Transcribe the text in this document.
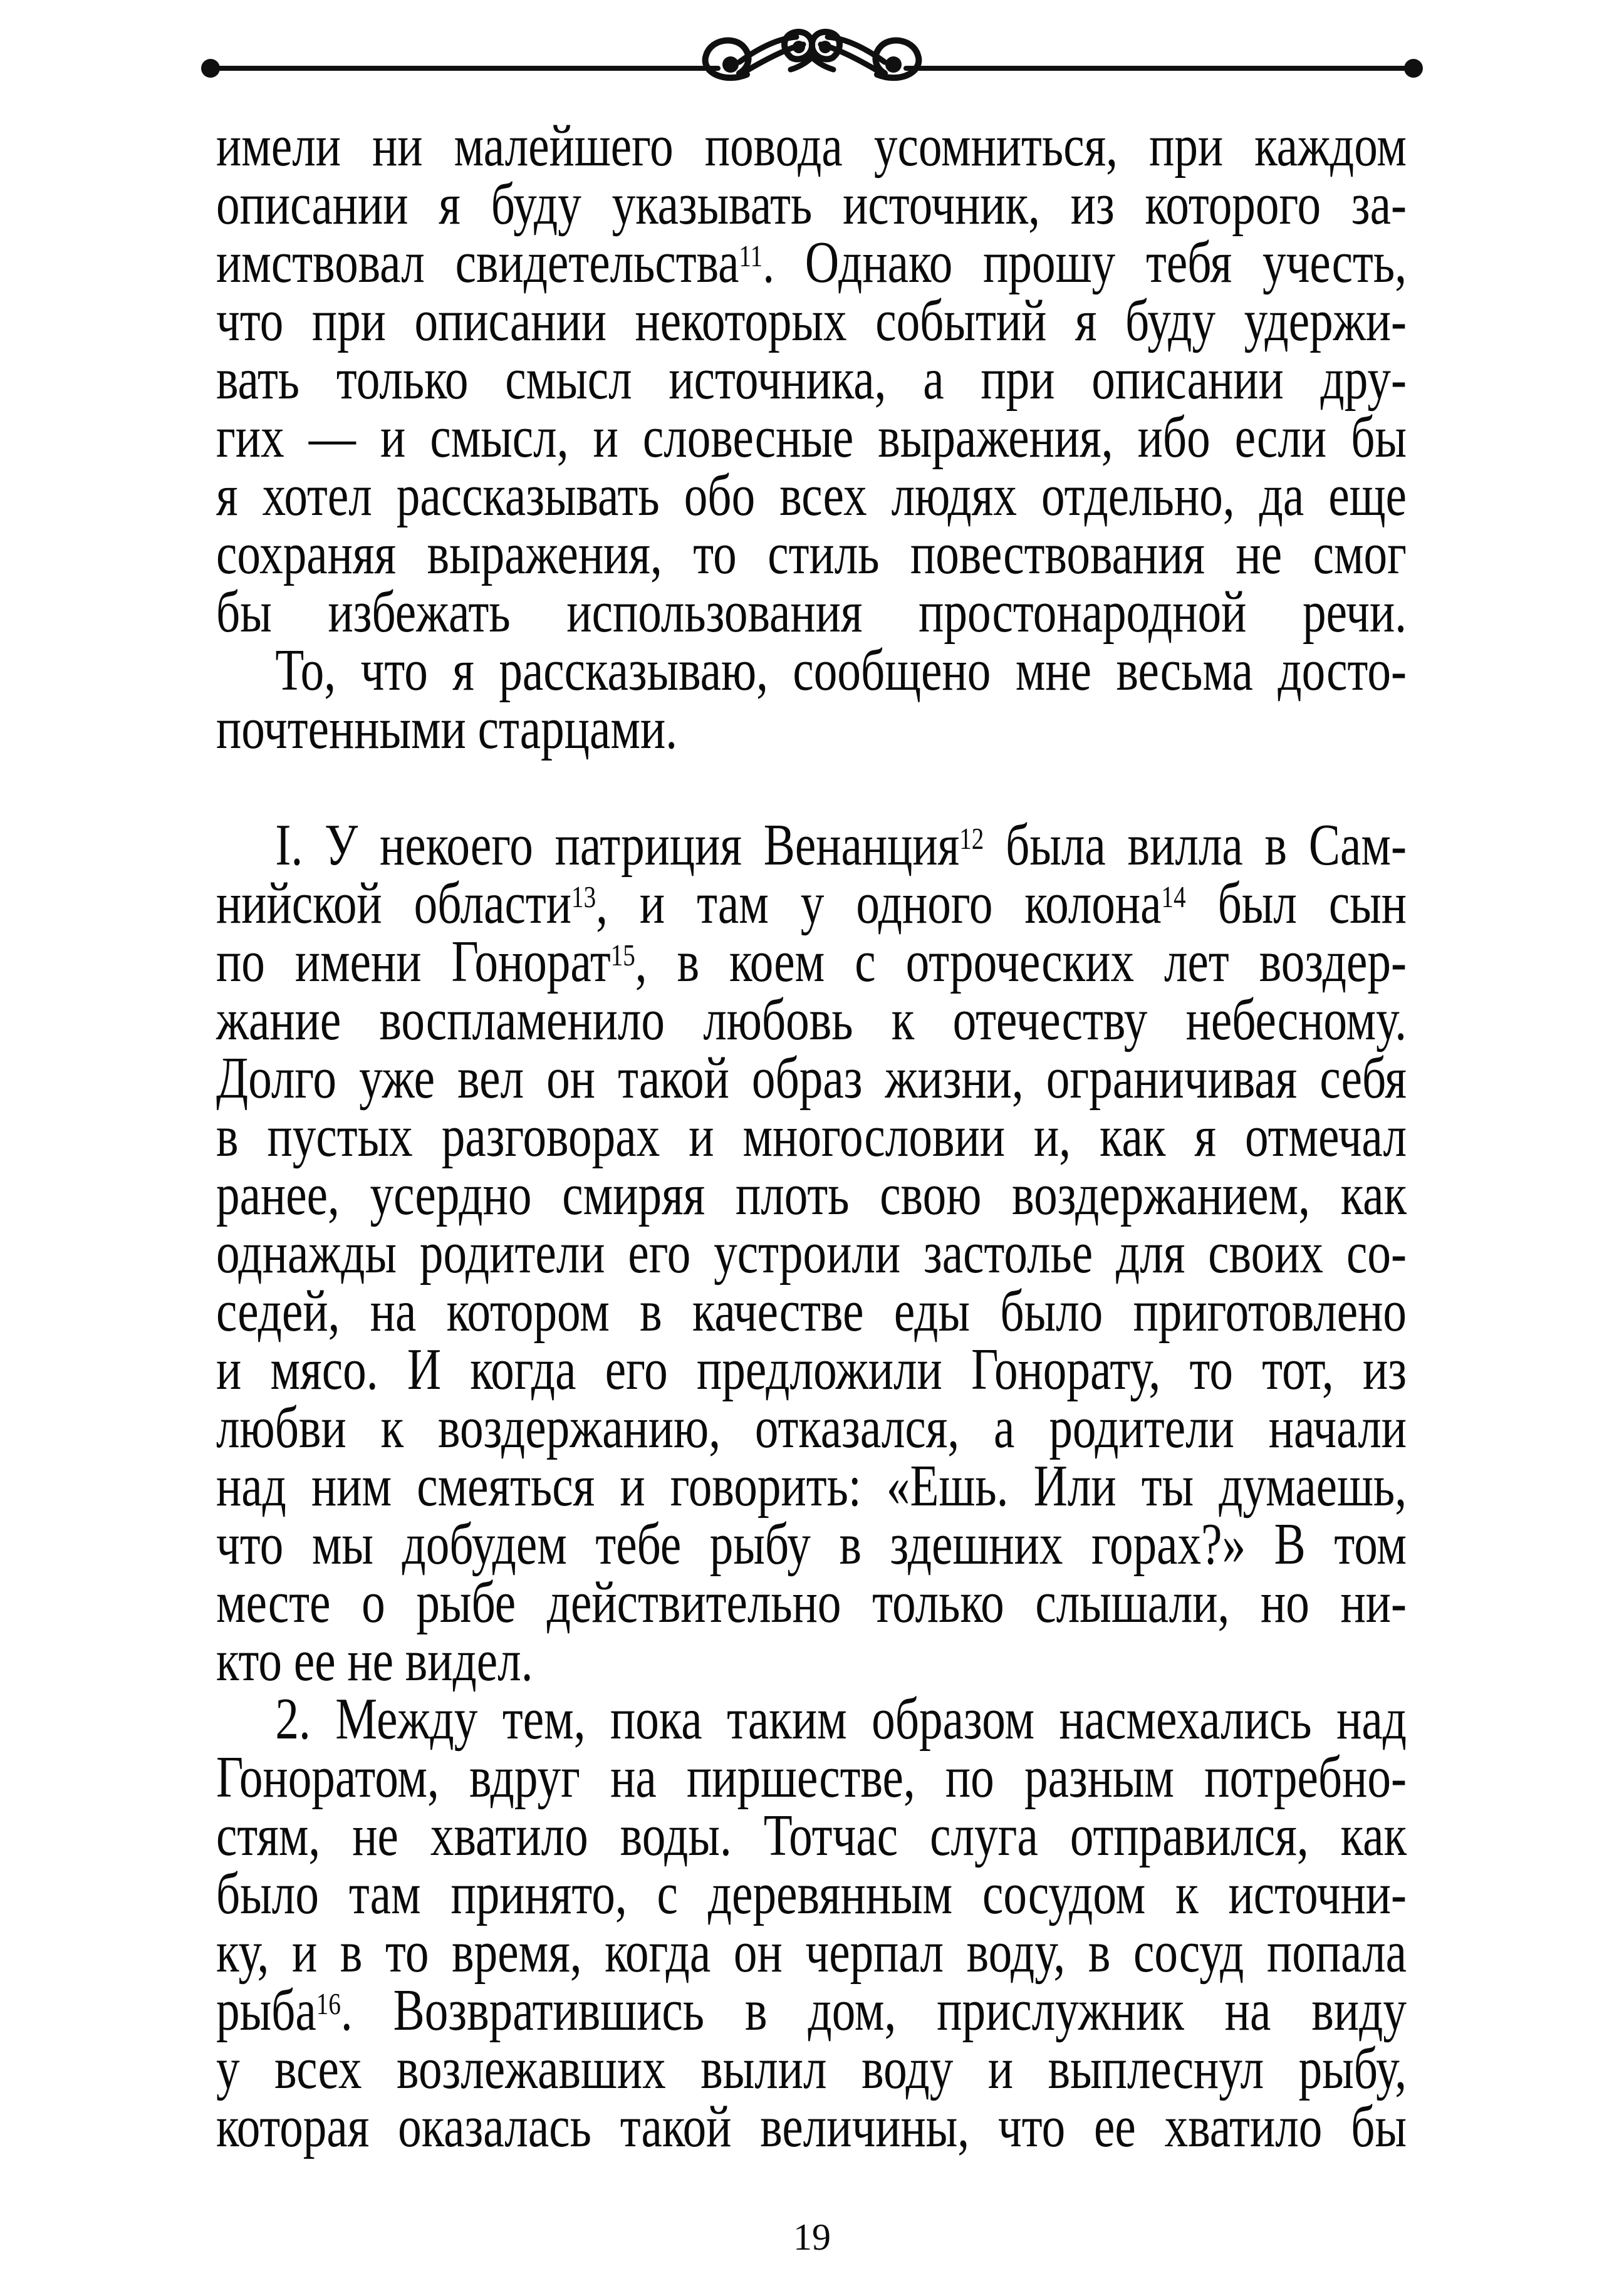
имели ни малейшего повода усомниться, при каждом
описании я буду указывать источник, из которого за-
имствовал свидетельства$^{11}$. Однако прошу тебя учесть,
что при описании некоторых событий я буду удержи-
вать только смысл источника, а при описании дру-
гих — и смысл, и словесные выражения, ибо если бы
я хотел рассказывать обо всех людях отдельно, да еще
сохраняя выражения, то стиль повествования не смог
бы избежать использования простонародной речи.
То, что я рассказываю, сообщено мне весьма досто-
почтенными старцами.
I. У некоего патриция Венанция$^{12}$ была вилла в Сам-
нийской области$^{13}$, и там у одного колона$^{14}$ был сын
по имени Гонорат$^{15}$, в коем с отроческих лет воздер-
жание воспламенило любовь к отечеству небесному.
Долго уже вел он такой образ жизни, ограничивая себя
в пустых разговорах и многословии и, как я отмечал
ранее, усердно смиряя плоть свою воздержанием, как
однажды родители его устроили застолье для своих со-
седей, на котором в качестве еды было приготовлено
и мясо. И когда его предложили Гонорату, то тот, из
любви к воздержанию, отказался, а родители начали
над ним смеяться и говорить: «Ешь. Или ты думаешь,
что мы добудем тебе рыбу в здешних горах?» В том
месте о рыбе действительно только слышали, но ни-
кто ее не видел.
2. Между тем, пока таким образом насмехались над
Гоноратом, вдруг на пиршестве, по разным потребно-
стям, не хватило воды. Тотчас слуга отправился, как
было там принято, с деревянным сосудом к источни-
ку, и в то время, когда он черпал воду, в сосуд попала
рыба$^{16}$. Возвратившись в дом, прислужник на виду
у всех возлежавших вылил воду и выплеснул рыбу,
которая оказалась такой величины, что ее хватило бы
19
